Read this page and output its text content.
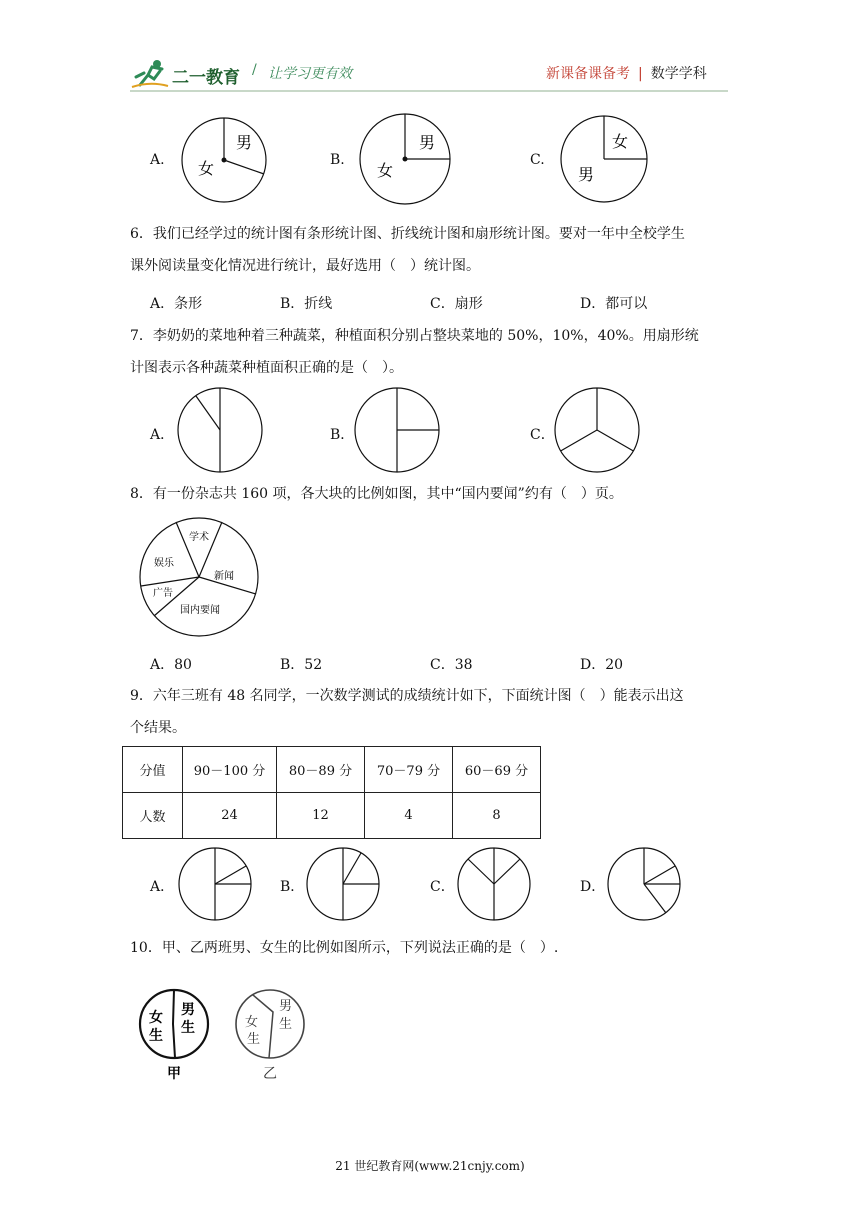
二一教育 / 让学习更有效	新课备课备考 | 数学学科
A.
男
女	B.
男
女
C.
女
男
6．我们已经学过的统计图有条形统计图、折线统计图和扇形统计图。要对一年中全校学生
课外阅读量变化情况进行统计，最好选用（　）统计图。
A．条形	B．折线	C．扇形	D．都可以
7．李奶奶的菜地种着三种蔬菜，种植面积分别占整块菜地的 50%，10%，40%。用扇形统
计图表示各种蔬菜种植面积正确的是（　）。
A．	B．	C．
8．有一份杂志共 160 项，各大块的比例如图，其中“国内要闻”约有（　）页。
学术
娱乐
新闻
广告
国内要闻
A．80	B．52	C．38	D．20
9．六年三班有 48 名同学，一次数学测试的成绩统计如下，下面统计图（　）能表示出这
个结果。
分值	90－100 分	80－89 分	70－79 分	60－69 分
人数	24	12	4	8
A．	B．	C．	D．
10．甲、乙两班男、女生的比例如图所示，下列说法正确的是（　）.
女
生
男
生
甲
女
生
男
生
乙
21 世纪教育网(www.21cnjy.com)
